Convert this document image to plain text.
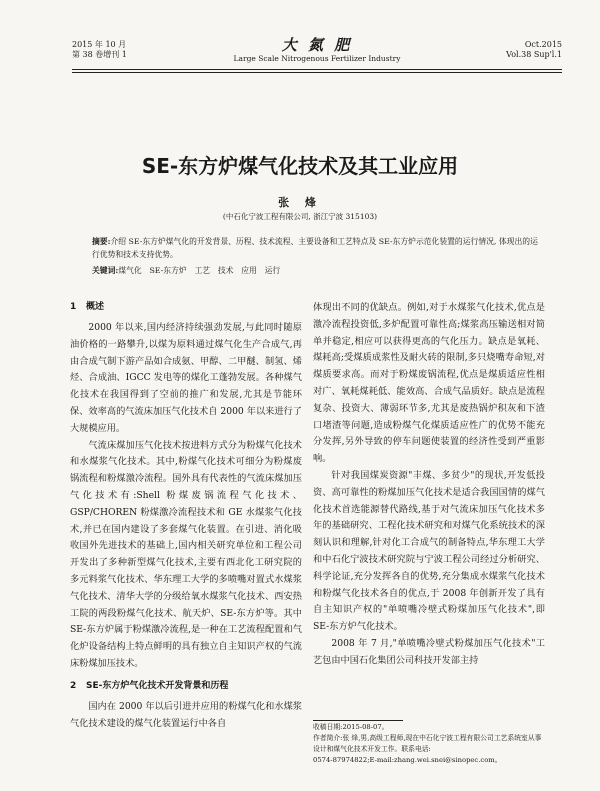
2015 年 10 月
第 38 卷增刊 1
大 氮 肥
Large Scale Nitrogenous Fertilizer Industry
Oct.2015
Vol.38 Sup'l.1
SE-东方炉煤气化技术及其工业应用
张 烽
(中石化宁波工程有限公司, 浙江宁波 315103)
摘要:介绍 SE-东方炉煤气化的开发背景、历程、技术流程、主要设备和工艺特点及 SE-东方炉示范化装置的运行情况, 体现出的运行优势和技术支持优势。
关键词:煤气化　SE-东方炉　工艺　技术　应用　运行
1 概述

2000 年以来,国内经济持续强劲发展,与此同时随原油价格的一路攀升,以煤为原料通过煤气化生产合成气,再由合成气制下游产品如合成氨、甲醇、二甲醚、制氢、烯烃、合成油、IGCC 发电等的煤化工蓬勃发展。各种煤气化技术在我国得到了空前的推广和发展,尤其是节能环保、效率高的气流床加压气化技术自 2000 年以来进行了大规模应用。

气流床煤加压气化技术按进料方式分为粉煤气化技术和水煤浆气化技术。其中,粉煤气化技术可细分为粉煤废锅流程和粉煤激冷流程。国外具有代表性的气流床煤加压气化技术有:Shell 粉煤废锅流程气化技术、GSP/CHOREN 粉煤激冷流程技术和 GE 水煤浆气化技术,并已在国内建设了多套煤气化装置。在引进、消化吸收国外先进技术的基础上,国内相关研究单位和工程公司开发出了多种新型煤气化技术,主要有西北化工研究院的多元料浆气化技术、华东理工大学的多喷嘴对置式水煤浆气化技术、清华大学的分级给氧水煤浆气化技术、西安热工院的两段粉煤气化技术、航天炉、SE-东方炉等。其中 SE-东方炉属于粉煤激冷流程,是一种在工艺流程配置和气化炉设备结构上特点鲜明的具有独立自主知识产权的气流床粉煤加压技术。

2 SE-东方炉气化技术开发背景和历程

国内在 2000 年以后引进并应用的粉煤气化和水煤浆气化技术建设的煤气化装置运行中各自

体现出不同的优缺点。例如,对于水煤浆气化技术,优点是激冷流程投资低,多炉配置可靠性高;煤浆高压输送相对简单并稳定,相应可以获得更高的气化压力。缺点是氧耗、煤耗高;受煤质成浆性及耐火砖的限制,多只烧嘴寿命短,对煤质要求高。而对于粉煤废锅流程,优点是煤质适应性相对广、氧耗煤耗低、能效高、合成气品质好。缺点是流程复杂、投资大、薄弱环节多,尤其是废热锅炉积灰和下渣口堵渣等问题,造成粉煤气化煤质适应性广的优势不能充分发挥,另外导致的停车问题使装置的经济性受到严重影响。

针对我国煤炭资源"丰煤、多贫少"的现状,开发低投资、高可靠性的粉煤加压气化技术是适合我国国情的煤气化技术首选能源替代路线,基于对气流床加压气化技术多年的基础研究、工程化技术研究和对煤气化系统技术的深刻认识和理解,针对化工合成气的制备特点,华东理工大学和中石化宁波技术研究院与宁波工程公司经过分析研究、科学论证,充分发挥各自的优势,充分集成水煤浆气化技术和粉煤气化技术各自的优点,于 2008 年创新开发了具有自主知识产权的"单喷嘴冷壁式粉煤加压气化技术",即 SE-东方炉气化技术。

2008 年 7 月,"单喷嘴冷壁式粉煤加压气化技术"工艺包由中国石化集团公司科技开发部主持

收稿日期:2015-08-07。
作者简介:张 烽,男,高级工程师,现在中石化宁波工程有限公司工艺系统室从事设计和煤气化技术开发工作。联系电话:
0574-87974822;E-mail:zhang.wei.snei@sinopec.com。
